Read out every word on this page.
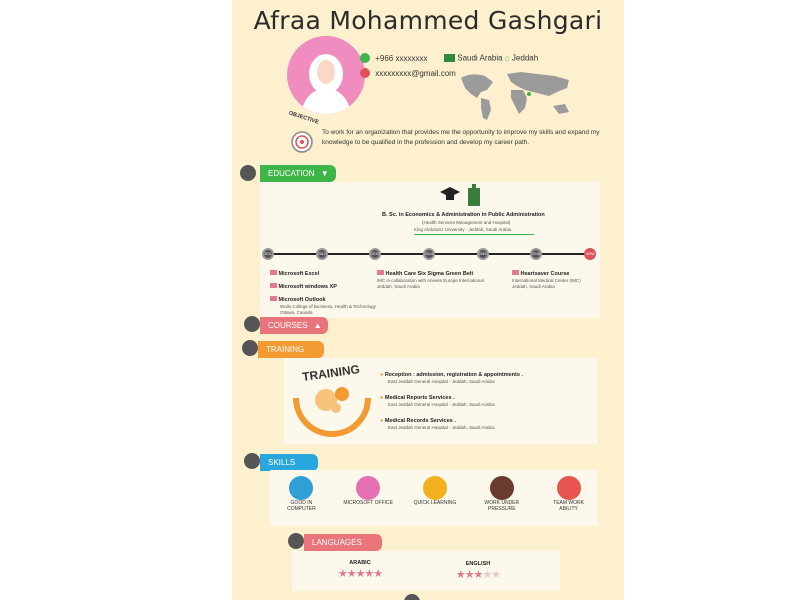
Afraa Mohammed Gashgari
+966 xxxxxxxx
xxxxxxxxx@gmail.com
Saudi Arabia ⌂ Jeddah
OBJECTIVE
To work for an organization that provides me the opportunity to improve my skills and expand my knowledge to be qualified in the profession and develop my career path.
EDUCATION ▼
B. Sc. in Economics & Administration in Public Administration
(Health Services Management and Hospital)
King Abdulaziz University - Jeddah, Saudi Arabia
2011	2012	2013	2014	2015	2016	NOW
Microsoft Excel
Microsoft windows XP
Microsoft Outlook
Wollo College of Business, Health & Technology
Ottawa, Canada
Health Care Six Sigma Green Belt
IMC in collaboration with Aneeks Europe International
Jeddah, Saudi Arabia
Heartsaver Course
International Medical Center (IMC)
Jeddah, Saudi Arabia
COURSES ▲
TRAINING
TRAINING
2016
● Reception : admission, registration & appointments .
East Jeddah General Hospital - Jeddah, Saudi Arabia
● Medical Reports Services .
East Jeddah General Hospital - Jeddah, Saudi Arabia
● Medical Records Services .
East Jeddah General Hospital - Jeddah, Saudi Arabia
SKILLS
GOOD IN COMPUTER
MICROSOFT OFFICE	QUICK LEARNING	WORK UNDER PRESSURE
TEAM WORK ABILITY
LANGUAGES
ARABIC
★★★★★
ENGLISH
★★★★★
